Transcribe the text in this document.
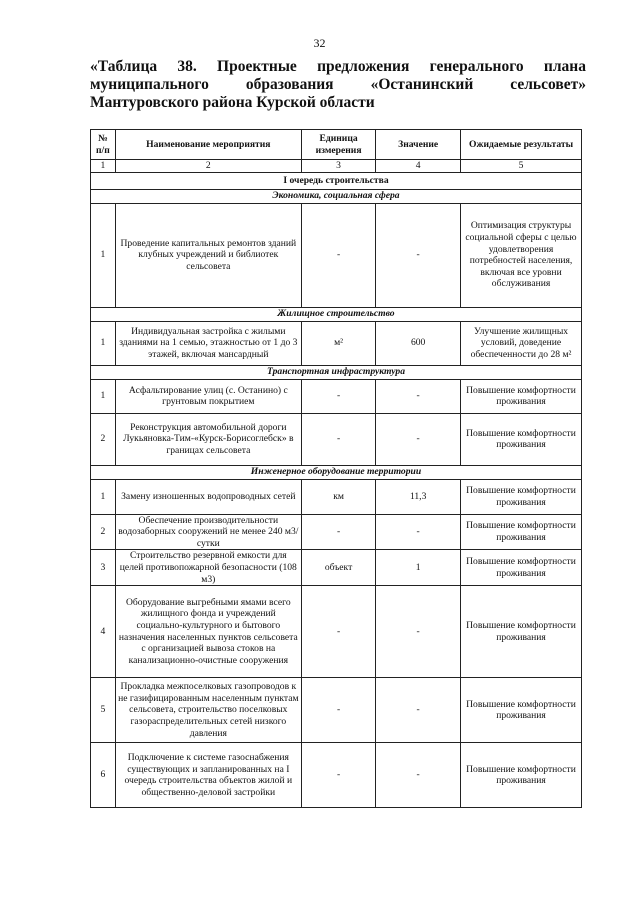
32
«Таблица 38. Проектные предложения генерального плана
муниципального образования «Останинский сельсовет»
Мантуровского района Курской области
№ п/п	Наименование мероприятия	Единица измерения	Значение	Ожидаемые результаты
1	2	3	4	5
I очередь строительства				
Экономика, социальная сфера				
1	Проведение капитальных ремонтов зданий клубных учреждений и библиотек сельсовета	-	-	Оптимизация структуры социальной сферы с целью удовлетворения потребностей населения, включая все уровни обслуживания
Жилищное строительство				
1	Индивидуальная застройка с жилыми зданиями на 1 семью, этажностью от 1 до 3 этажей, включая мансардный	м²	600	Улучшение жилищных условий, доведение обеспеченности до 28 м²
Транспортная инфраструктура				
1	Асфальтирование улиц (с. Останино) с грунтовым покрытием	-	-	Повышение комфортности проживания
2	Реконструкция автомобильной дороги Лукьяновка-Тим-«Курск-Борисоглебск» в границах сельсовета	-	-	Повышение комфортности проживания
Инженерное оборудование территории				
1	Замену изношенных водопроводных сетей	км	11,3	Повышение комфортности проживания
2	Обеспечение производительности водозаборных сооружений не менее 240 м3/сутки	-	-	Повышение комфортности проживания
3	Строительство резервной емкости для целей противопожарной безопасности (108 м3)	объект	1	Повышение комфортности проживания
4	Оборудование выгребными ямами всего жилищного фонда и учреждений социально-культурного и бытового назначения населенных пунктов сельсовета с организацией вывоза стоков на канализационно-очистные сооружения	-	-	Повышение комфортности проживания
5	Прокладка межпоселковых газопроводов к не газифицированным населенным пунктам сельсовета, строительство поселковых газораспределительных сетей низкого давления	-	-	Повышение комфортности проживания
6	Подключение к системе газоснабжения существующих и запланированных на I очередь строительства объектов жилой и общественно-деловой застройки	-	-	Повышение комфортности проживания
